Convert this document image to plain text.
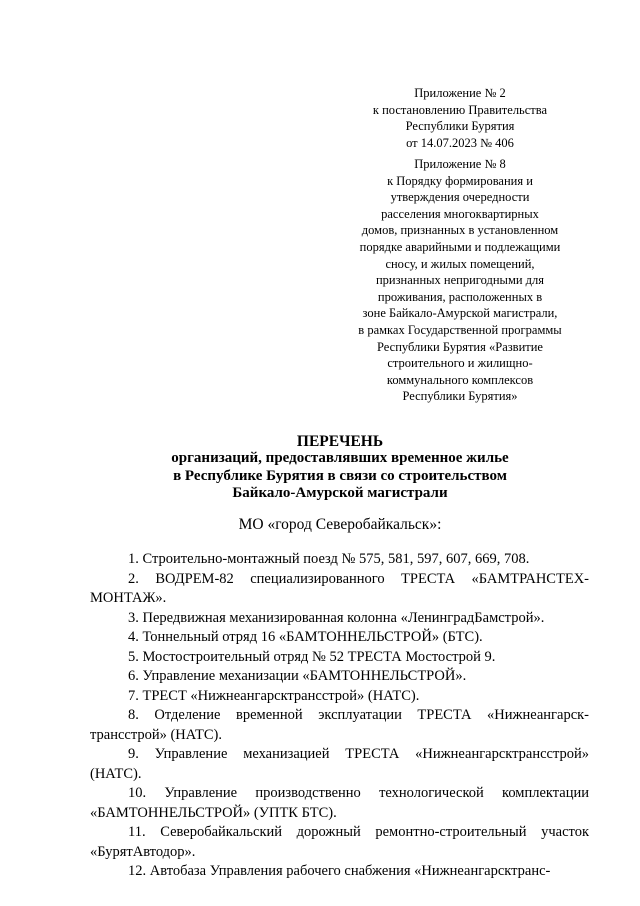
Приложение № 2
к постановлению Правительства
Республики Бурятия
от 14.07.2023 № 406
Приложение № 8
к Порядку формирования и
утверждения очередности
расселения многоквартирных
домов, признанных в установленном
порядке аварийными и подлежащими
сносу, и жилых помещений,
признанных непригодными для
проживания, расположенных в
зоне Байкало-Амурской магистрали,
в рамках Государственной программы
Республики Бурятия «Развитие
строительного и жилищно-
коммунального комплексов
Республики Бурятия»
ПЕРЕЧЕНЬ
организаций, предоставлявших временное жилье
в Республике Бурятия в связи со строительством
Байкало-Амурской магистрали
МО «город Северобайкальск»:

1. Строительно-монтажный поезд № 575, 581, 597, 607, 669, 708.

2. ВОДРЕМ-82 специализированного ТРЕСТА «БАМТРАНСТЕХ-МОНТАЖ».

3. Передвижная механизированная колонна «ЛенинградБамстрой».

4. Тоннельный отряд 16 «БАМТОННЕЛЬСТРОЙ» (БТС).

5. Мостостроительный отряд № 52 ТРЕСТА Мостострой 9.

6. Управление механизации «БАМТОННЕЛЬСТРОЙ».

7. ТРЕСТ «Нижнеангарсктрансстрой» (НАТС).

8. Отделение временной эксплуатации ТРЕСТА «Нижнеангарск-трансстрой» (НАТС).

9. Управление механизацией ТРЕСТА «Нижнеангарсктрансстрой» (НАТС).

10. Управление производственно технологической комплектации «БАМТОННЕЛЬСТРОЙ» (УПТК БТС).

11. Северобайкальский дорожный ремонтно-строительный участок «БурятАвтодор».

12. Автобаза Управления рабочего снабжения «Нижнеангарсктранс-
